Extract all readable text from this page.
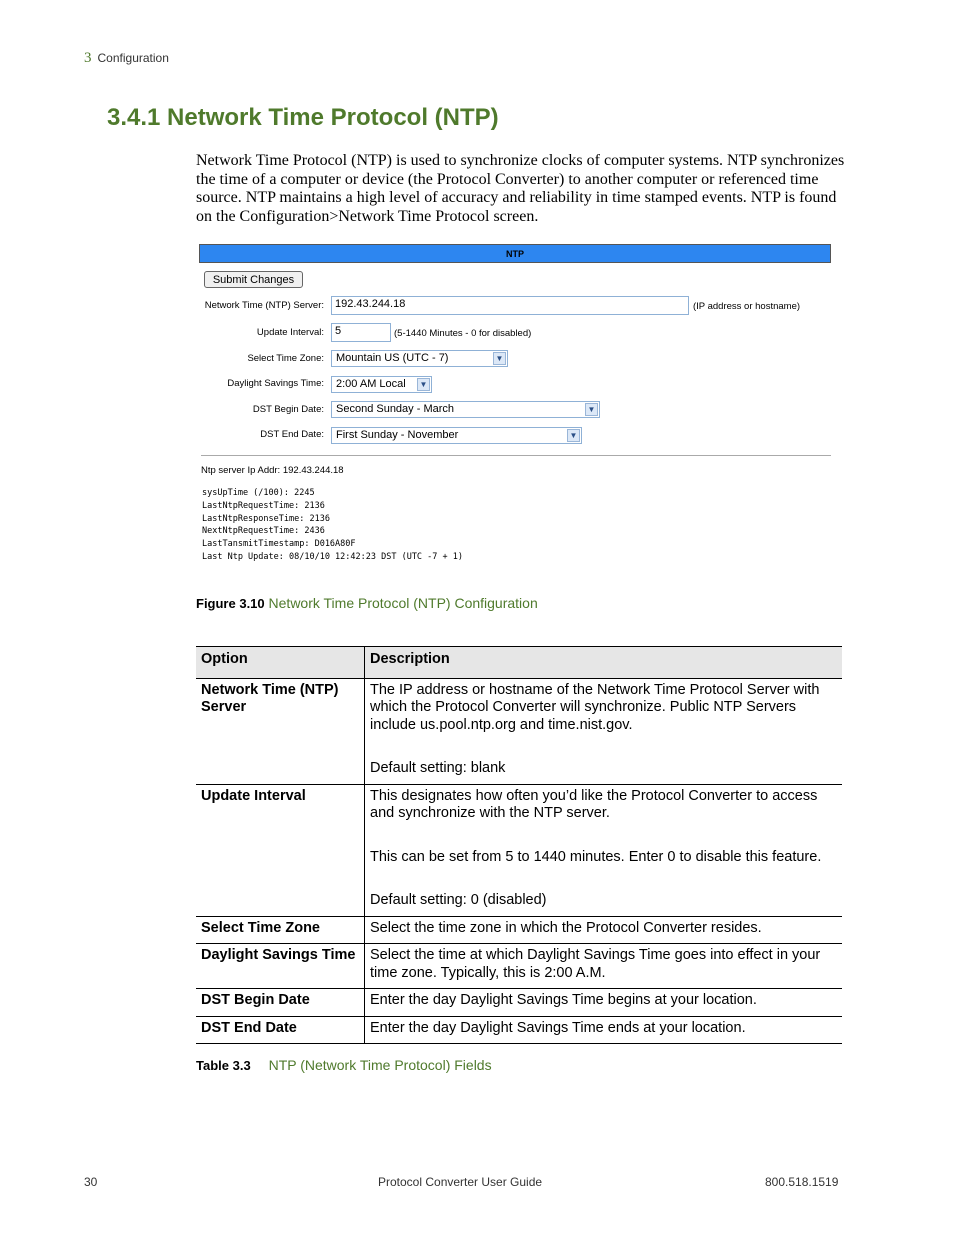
3 Configuration
3.4.1 Network Time Protocol (NTP)

Network Time Protocol (NTP) is used to synchronize clocks of computer systems. NTP synchronizes the time of a computer or device (the Protocol Converter) to another computer or referenced time source. NTP maintains a high level of accuracy and reliability in time stamped events. NTP is found on the Configuration>Network Time Protocol screen.

NTP
Submit Changes
Network Time (NTP) Server:	192.43.244.18	(IP address or hostname)
Update Interval:	5	(5-1440 Minutes - 0 for disabled)
Select Time Zone:	Mountain US (UTC - 7)	▼
Daylight Savings Time:	2:00 AM Local	▼
DST Begin Date:	Second Sunday - March	▼
DST End Date:	First Sunday - November	▼
Ntp server Ip Addr: 192.43.244.18
sysUpTime (/100): 2245
LastNtpRequestTime: 2136
LastNtpResponseTime: 2136
NextNtpRequestTime: 2436
LastTansmitTimestamp: D016A80F
Last Ntp Update: 08/10/10 12:42:23 DST (UTC -7 + 1)
Figure 3.10 Network Time Protocol (NTP) Configuration
Option	Description
Network Time (NTP) Server	The IP address or hostname of the Network Time Protocol Server with which the Protocol Converter will synchronize. Public NTP Servers include us.pool.ntp.org and time.nist.gov.

Default setting: blank

Update Interval	This designates how often you’d like the Protocol Converter to access and synchronize with the NTP server.

This can be set from 5 to 1440 minutes. Enter 0 to disable this feature.

Default setting: 0 (disabled)

Select Time Zone	Select the time zone in which the Protocol Converter resides.

Daylight Savings Time	Select the time at which Daylight Savings Time goes into effect in your time zone. Typically, this is 2:00 A.M.

DST Begin Date	Enter the day Daylight Savings Time begins at your location.

DST End Date	Enter the day Daylight Savings Time ends at your location.

Table 3.3 NTP (Network Time Protocol) Fields
30	Protocol Converter User Guide	800.518.1519
